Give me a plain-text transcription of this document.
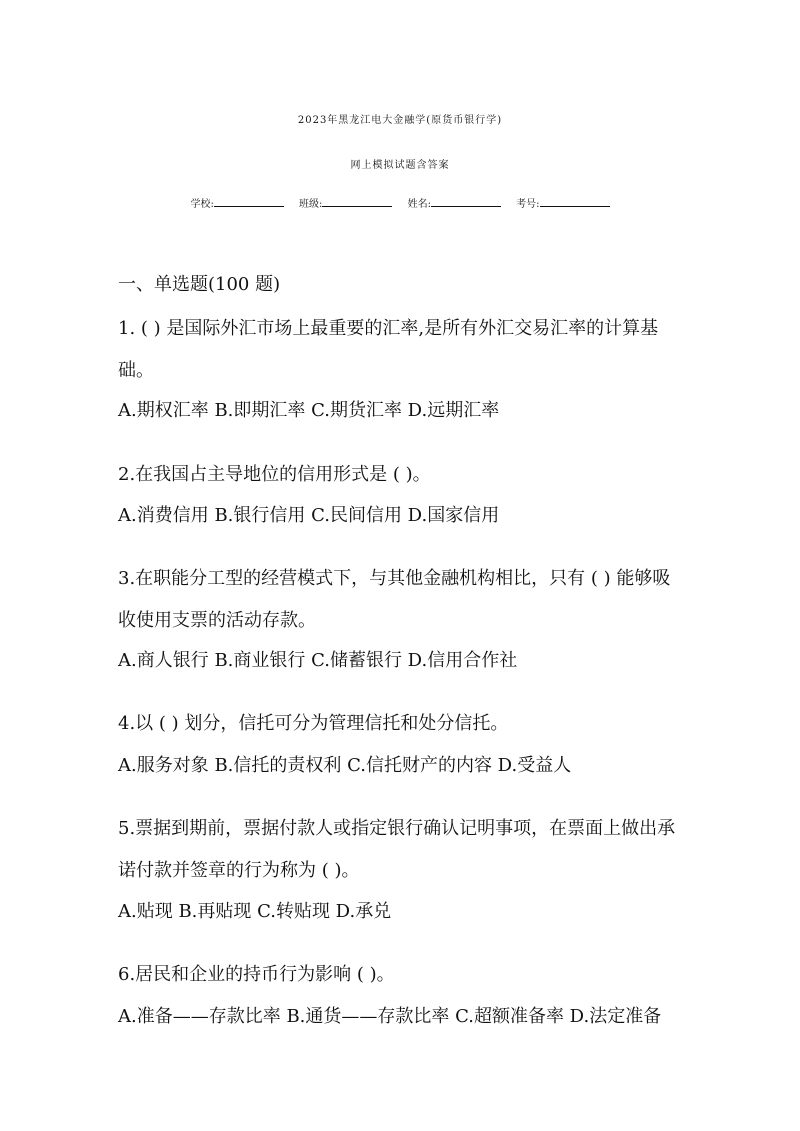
2023年黑龙江电大金融学(原货币银行学)
网上模拟试题含答案
学校:	班级:	姓名:	考号:
一、单选题(100 题)
1. ( ) 是国际外汇市场上最重要的汇率,是所有外汇交易汇率的计算基
础。
A.期权汇率 B.即期汇率 C.期货汇率 D.远期汇率
2.在我国占主导地位的信用形式是 ( )。
A.消费信用 B.银行信用 C.民间信用 D.国家信用
3.在职能分工型的经营模式下，与其他金融机构相比，只有 ( ) 能够吸
收使用支票的活动存款。
A.商人银行 B.商业银行 C.储蓄银行 D.信用合作社
4.以 ( ) 划分，信托可分为管理信托和处分信托。
A.服务对象 B.信托的责权利 C.信托财产的内容 D.受益人
5.票据到期前，票据付款人或指定银行确认记明事项，在票面上做出承
诺付款并签章的行为称为 ( )。
A.贴现 B.再贴现 C.转贴现 D.承兑
6.居民和企业的持币行为影响 ( )。
A.准备——存款比率 B.通货——存款比率 C.超额准备率 D.法定准备
